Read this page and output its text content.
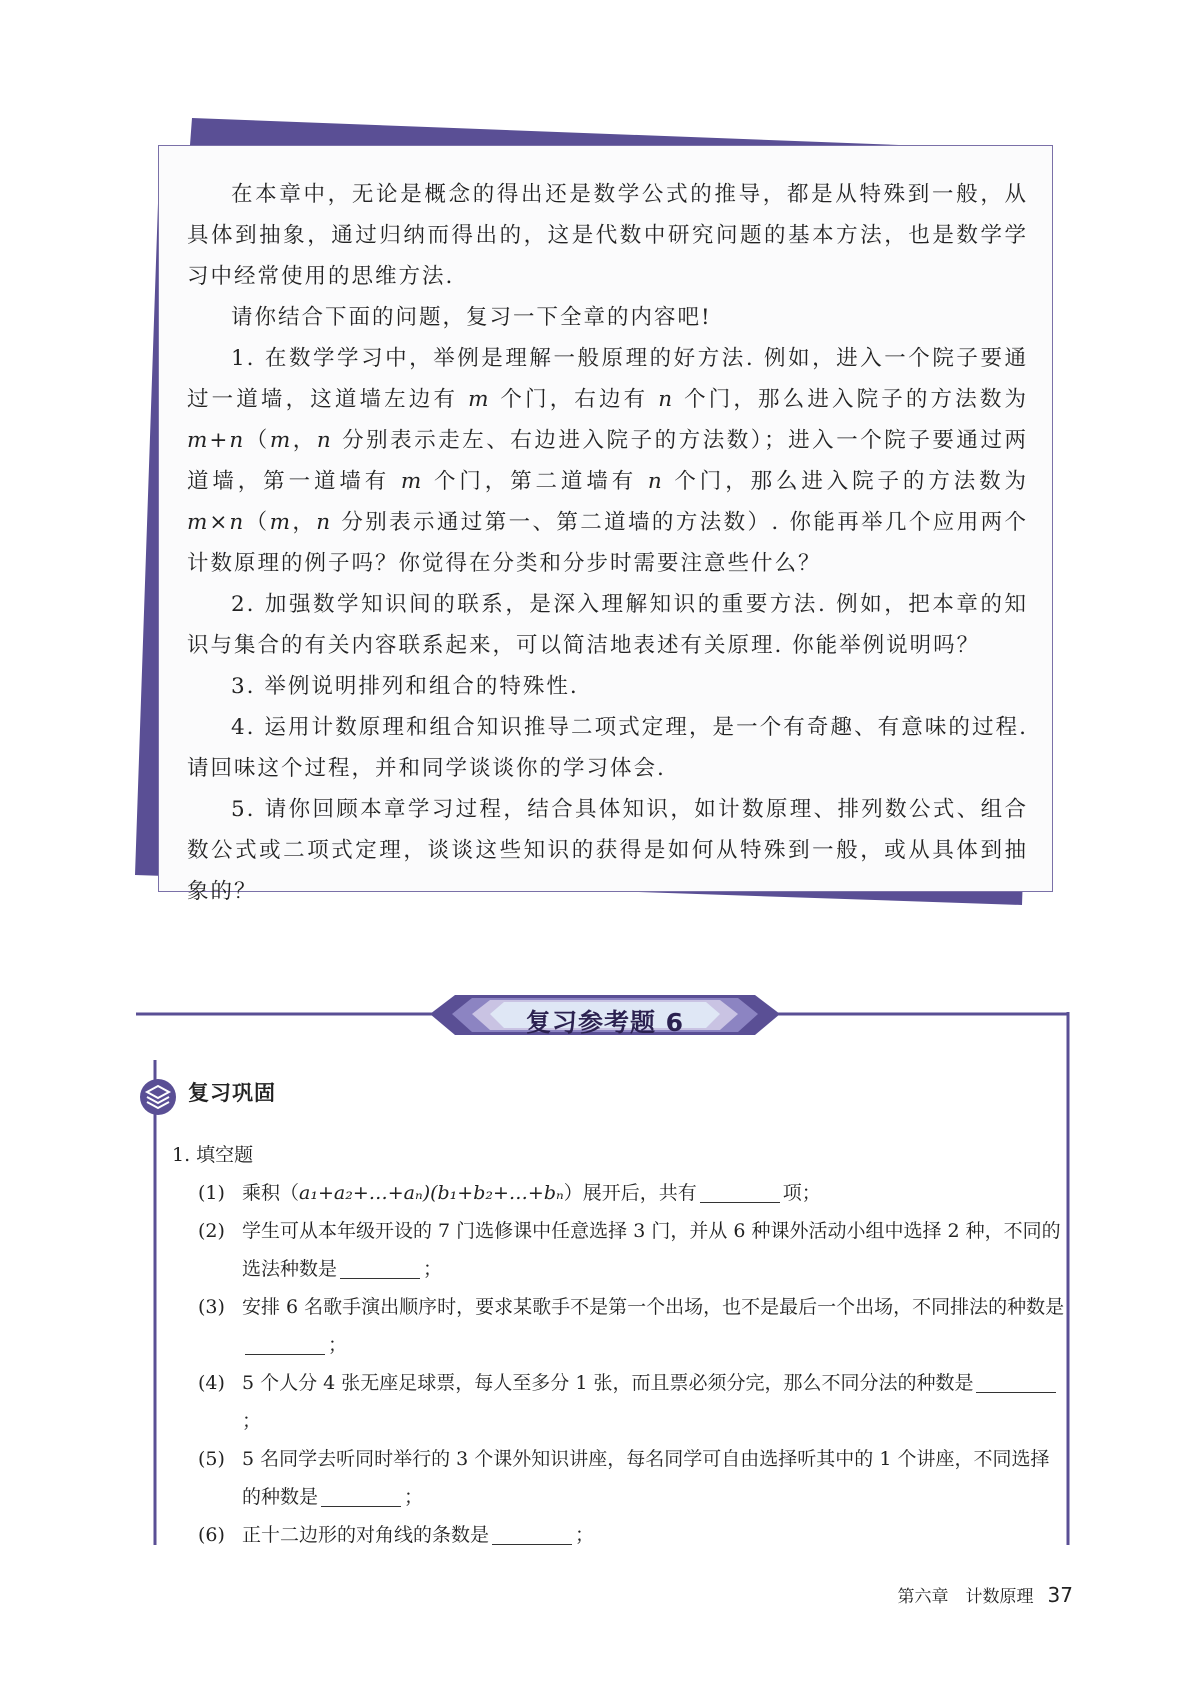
在本章中，无论是概念的得出还是数学公式的推导，都是从特殊到一般，从具体到抽象，通过归纳而得出的，这是代数中研究问题的基本方法，也是数学学习中经常使用的思维方法.

请你结合下面的问题，复习一下全章的内容吧!

1. 在数学学习中，举例是理解一般原理的好方法. 例如，进入一个院子要通过一道墙，这道墙左边有 m 个门，右边有 n 个门，那么进入院子的方法数为 m+n（m，n 分别表示走左、右边进入院子的方法数）；进入一个院子要通过两道墙，第一道墙有 m 个门，第二道墙有 n 个门，那么进入院子的方法数为 m×n（m，n 分别表示通过第一、第二道墙的方法数）. 你能再举几个应用两个计数原理的例子吗？你觉得在分类和分步时需要注意些什么？

2. 加强数学知识间的联系，是深入理解知识的重要方法. 例如，把本章的知识与集合的有关内容联系起来，可以简洁地表述有关原理. 你能举例说明吗？

3. 举例说明排列和组合的特殊性.

4. 运用计数原理和组合知识推导二项式定理，是一个有奇趣、有意味的过程. 请回味这个过程，并和同学谈谈你的学习体会.

5. 请你回顾本章学习过程，结合具体知识，如计数原理、排列数公式、组合数公式或二项式定理，谈谈这些知识的获得是如何从特殊到一般，或从具体到抽象的？

复习参考题 6
复习巩固
1. 填空题
(1) 乘积（a₁+a₂+…+aₙ)(b₁+b₂+…+bₙ）展开后，共有	项；
(2) 学生可从本年级开设的 7 门选修课中任意选择 3 门，并从 6 种课外活动小组中选择 2 种，不同的选法种数是	；
(3) 安排 6 名歌手演出顺序时，要求某歌手不是第一个出场，也不是最后一个出场，不同排法的种数是；
(4) 5 个人分 4 张无座足球票，每人至多分 1 张，而且票必须分完，那么不同分法的种数是；
(5) 5 名同学去听同时举行的 3 个课外知识讲座，每名同学可自由选择听其中的 1 个讲座，不同选择的种数是	；
(6) 正十二边形的对角线的条数是	；
第六章　计数原理 37
